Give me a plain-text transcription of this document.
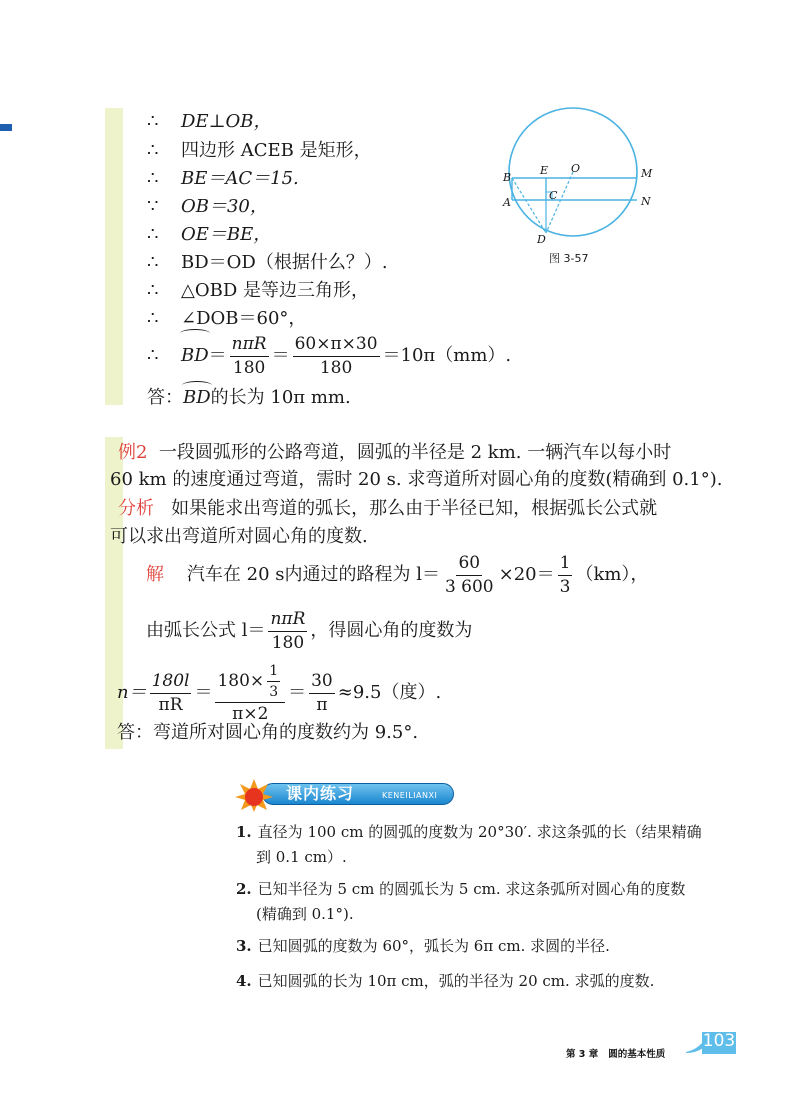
∴ DE⊥OB，
∴ 四边形 ACEB 是矩形，
∴ BE＝AC＝15.
∵ OB＝30，
∴ OE＝BE，
∴ BD＝OD（根据什么？）.
∴ △OBD 是等边三角形，
∴ ∠DOB＝60°，
∴ $BD= \frac{\text{nπR}}{180} = \frac{60\times\pi\times 30}{180} =10\pi(mm)$.
答：BD的长为 10π mm.
B
E O	M
C
A	N
D
图 3-57
例2 一段圆弧形的公路弯道，圆弧的半径是 2 km. 一辆汽车以每小时
60 km 的速度通过弯道，需时 20 s. 求弯道所对圆心角的度数(精确到 0.1°).
分析 如果能求出弯道的弧长，那么由于半径已知，根据弧长公式就
可以求出弯道所对圆心角的度数.
解 汽车在 20 s内通过的路程为 $l= \frac{60}{3 600} \times 20= \frac{1}{3} (km)$，
由弧长公式 $l= \frac{\text{nπR}}{180}$ ，得圆心角的度数为
$n= \frac{180l}{\pi R} = \frac{180\times \frac{1}{3}}{\pi\times 2} = \frac{30}{\pi} \approx 9.5$（度）.
答：弯道所对圆心角的度数约为 9.5°.
课内练习	KENEILIANXI
1. 直径为 100 cm 的圆弧的度数为 20°30′. 求这条弧的长（结果精确
到 0.1 cm）.
2. 已知半径为 5 cm 的圆弧长为 5 cm. 求这条弧所对圆心角的度数
(精确到 0.1°).
3. 已知圆弧的度数为 60°，弧长为 6π cm. 求圆的半径.
4. 已知圆弧的长为 10π cm，弧的半径为 20 cm. 求弧的度数.
第 3 章 圆的基本性质
103
